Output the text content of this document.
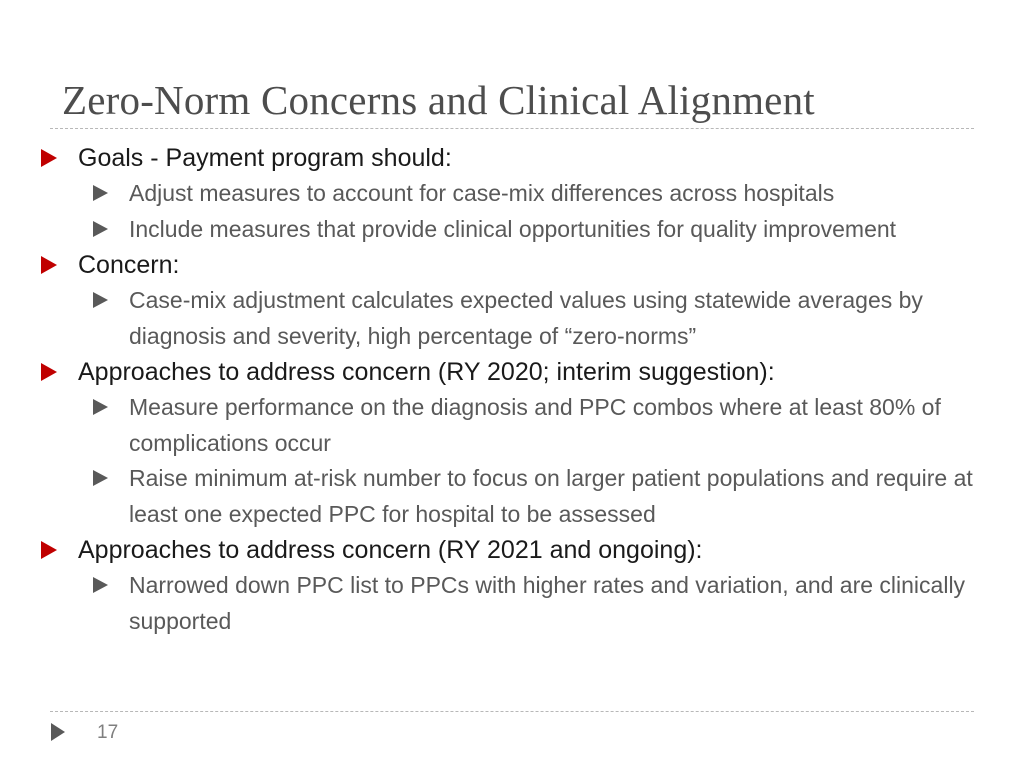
Zero-Norm Concerns and Clinical Alignment
Goals - Payment program should:
Adjust measures to account for case-mix differences across hospitals
Include measures that provide clinical opportunities for quality improvement
Concern:
Case-mix adjustment calculates expected values using statewide averages by diagnosis and severity, high percentage of “zero-norms”
Approaches to address concern (RY 2020; interim suggestion):
Measure performance on the diagnosis and PPC combos where at least 80% of complications occur
Raise minimum at-risk number to focus on larger patient populations and require at least one expected PPC for hospital to be assessed
Approaches to address concern (RY 2021 and ongoing):
Narrowed down PPC list to PPCs with higher rates and variation, and are clinically supported
17
